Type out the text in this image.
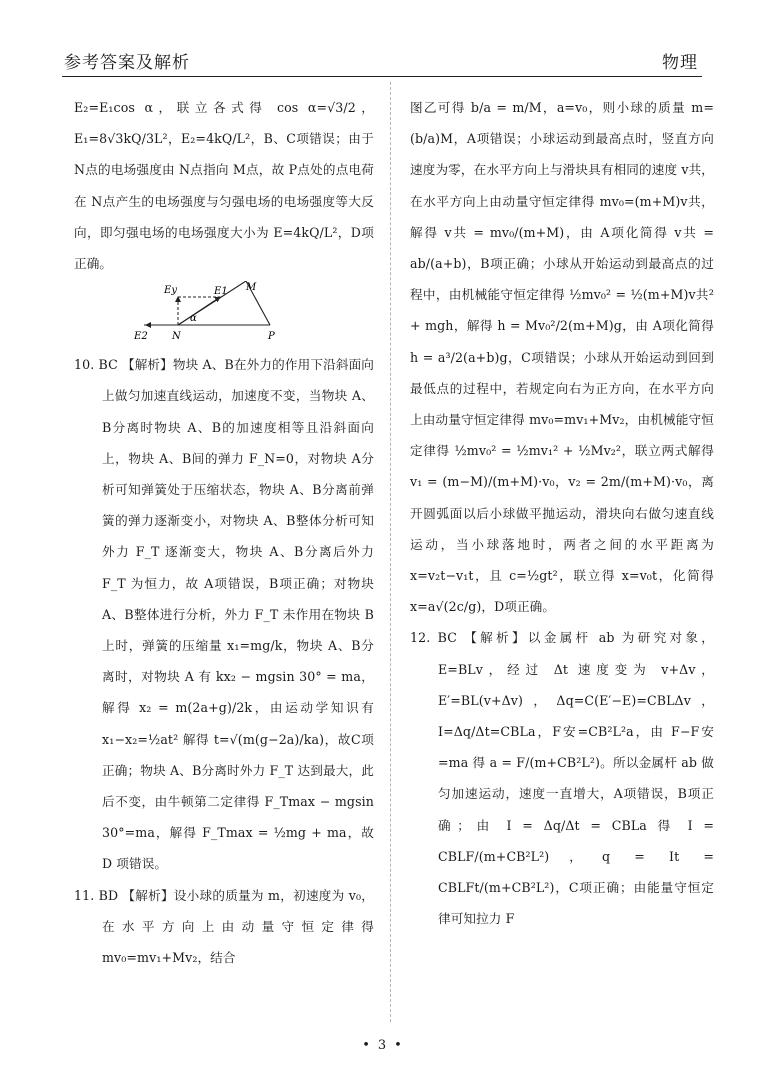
参考答案及解析	物理

E₂=E₁cos α，联立各式得 cos α=√3/2，E₁=8√3kQ/3L²，E₂=4kQ/L²，B、C项错误；由于 N点的电场强度由 N点指向 M点，故 P点处的点电荷在 N点产生的电场强度与匀强电场的电场强度等大反向，即匀强电场的电场强度大小为 E=4kQ/L²，D项正确。

Ey	E1 M
α
E2 N	P

10. BC 【解析】物块 A、B在外力的作用下沿斜面向上做匀加速直线运动，加速度不变，当物块 A、B分离时物块 A、B的加速度相等且沿斜面向上，物块 A、B间的弹力 F_N=0，对物块 A分析可知弹簧处于压缩状态，物块 A、B分离前弹簧的弹力逐渐变小，对物块 A、B整体分析可知外力 F_T 逐渐变大，物块 A、B分离后外力 F_T 为恒力，故 A项错误，B项正确；对物块 A、B整体进行分析，外力 F_T 未作用在物块 B上时，弹簧的压缩量 x₁=mg/k，物块 A、B分离时，对物块 A 有 kx₂ − mgsin 30° = ma，解得 x₂ = m(2a+g)/2k，由运动学知识有 x₁−x₂=½at² 解得 t=√(m(g−2a)/ka)，故C项正确；物块 A、B分离时外力 F_T 达到最大，此后不变，由牛顿第二定律得 F_Tmax − mgsin 30°=ma，解得 F_Tmax = ½mg + ma，故 D 项错误。

11. BD 【解析】设小球的质量为 m，初速度为 v₀，在水平方向上由动量守恒定律得 mv₀=mv₁+Mv₂，结合

图乙可得 b/a = m/M，a=v₀，则小球的质量 m=(b/a)M，A项错误；小球运动到最高点时，竖直方向速度为零，在水平方向上与滑块具有相同的速度 v共，在水平方向上由动量守恒定律得 mv₀=(m+M)v共，解得 v共 = mv₀/(m+M)，由 A项化简得 v共 = ab/(a+b)，B项正确；小球从开始运动到最高点的过程中，由机械能守恒定律得 ½mv₀² = ½(m+M)v共² + mgh，解得 h = Mv₀²/2(m+M)g，由 A项化简得 h = a³/2(a+b)g，C项错误；小球从开始运动到回到最低点的过程中，若规定向右为正方向，在水平方向上由动量守恒定律得 mv₀=mv₁+Mv₂，由机械能守恒定律得 ½mv₀² = ½mv₁² + ½Mv₂²，联立两式解得 v₁ = (m−M)/(m+M)·v₀，v₂ = 2m/(m+M)·v₀，离开圆弧面以后小球做平抛运动，滑块向右做匀速直线运动，当小球落地时，两者之间的水平距离为 x=v₂t−v₁t，且 c=½gt²，联立得 x=v₀t，化简得 x=a√(2c/g)，D项正确。

12. BC 【解析】以金属杆 ab 为研究对象，E=BLv，经过 Δt 速度变为 v+Δv，E′=BL(v+Δv)，Δq=C(E′−E)=CBLΔv，I=Δq/Δt=CBLa，F安=CB²L²a，由 F−F安=ma 得 a = F/(m+CB²L²)。所以金属杆 ab 做匀加速运动，速度一直增大，A项错误，B项正确；由 I = Δq/Δt = CBLa 得 I = CBLF/(m+CB²L²)，q = It = CBLFt/(m+CB²L²)，C项正确；由能量守恒定律可知拉力 F

• 3 •
